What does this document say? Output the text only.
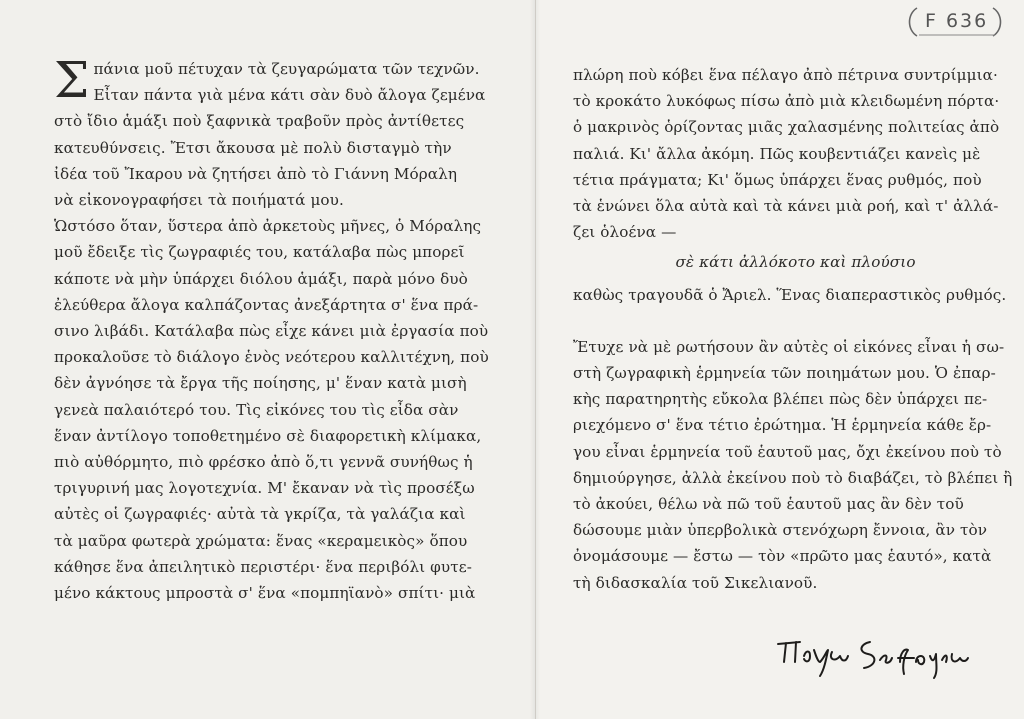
F 636
Σ πάνια μοῦ πέτυχαν τὰ ζευγαρώματα τῶν τεχνῶν.
Εἶταν πάντα γιὰ μένα κάτι σὰν δυὸ ἄλογα ζεμένα
στὸ ἴδιο ἁμάξι ποὺ ξαφνικὰ τραβοῦν πρὸς ἀντίθετες
κατευθύνσεις. Ἔτσι ἄκουσα μὲ πολὺ δισταγμὸ τὴν
ἰδέα τοῦ Ἴκαρου νὰ ζητήσει ἀπὸ τὸ Γιάννη Μόραλη
νὰ εἰκονογραφήσει τὰ ποιήματά μου.
Ὡστόσο ὅταν, ὕστερα ἀπὸ ἀρκετοὺς μῆνες, ὁ Μόραλης
μοῦ ἔδειξε τὶς ζωγραφιές του, κατάλαβα πὼς μπορεῖ
κάποτε νὰ μὴν ὑπάρχει διόλου ἁμάξι, παρὰ μόνο δυὸ
ἐλεύθερα ἄλογα καλπάζοντας ἀνεξάρτητα σ' ἕνα πρά-
σινο λιβάδι. Κατάλαβα πὼς εἶχε κάνει μιὰ ἐργασία ποὺ
προκαλοῦσε τὸ διάλογο ἑνὸς νεότερου καλλιτέχνη, ποὺ
δὲν ἀγνόησε τὰ ἔργα τῆς ποίησης, μ' ἕναν κατὰ μισὴ
γενεὰ παλαιότερό του. Τὶς εἰκόνες του τὶς εἶδα σὰν
ἕναν ἀντίλογο τοποθετημένο σὲ διαφορετικὴ κλίμακα,
πιὸ αὐθόρμητο, πιὸ φρέσκο ἀπὸ ὅ,τι γεννᾶ συνήθως ἡ
τριγυρινή μας λογοτεχνία. Μ' ἔκαναν νὰ τὶς προσέξω
αὐτὲς οἱ ζωγραφιές· αὐτὰ τὰ γκρίζα, τὰ γαλάζια καὶ
τὰ μαῦρα φωτερὰ χρώματα: ἕνας «κεραμεικὸς» ὅπου
κάθησε ἕνα ἀπειλητικὸ περιστέρι· ἕνα περιβόλι φυτε-
μένο κάκτους μπροστὰ σ' ἕνα «πομπηϊανὸ» σπίτι· μιὰ
πλώρη ποὺ κόβει ἕνα πέλαγο ἀπὸ πέτρινα συντρίμμια·
τὸ κροκάτο λυκόφως πίσω ἀπὸ μιὰ κλειδωμένη πόρτα·
ὁ μακρινὸς ὁρίζοντας μιᾶς χαλασμένης πολιτείας ἀπὸ
παλιά. Κι' ἄλλα ἀκόμη. Πῶς κουβεντιάζει κανεὶς μὲ
τέτια πράγματα; Κι' ὅμως ὑπάρχει ἕνας ρυθμός, ποὺ
τὰ ἑνώνει ὅλα αὐτὰ καὶ τὰ κάνει μιὰ ροή, καὶ τ' ἀλλά-
ζει ὁλοένα —
σὲ κάτι ἀλλόκοτο καὶ πλούσιο
καθὼς τραγουδᾶ ὁ Ἄριελ. Ἕνας διαπεραστικὸς ρυθμός.
Ἔτυχε νὰ μὲ ρωτήσουν ἂν αὐτὲς οἱ εἰκόνες εἶναι ἡ σω-
στὴ ζωγραφικὴ ἑρμηνεία τῶν ποιημάτων μου. Ὁ ἐπαρ-
κὴς παρατηρητὴς εὔκολα βλέπει πὼς δὲν ὑπάρχει πε-
ριεχόμενο σ' ἕνα τέτιο ἐρώτημα. Ἡ ἑρμηνεία κάθε ἔρ-
γου εἶναι ἑρμηνεία τοῦ ἑαυτοῦ μας, ὄχι ἐκείνου ποὺ τὸ
δημιούργησε, ἀλλὰ ἐκείνου ποὺ τὸ διαβάζει, τὸ βλέπει ἢ
τὸ ἀκούει, θέλω νὰ πῶ τοῦ ἑαυτοῦ μας ἂν δὲν τοῦ
δώσουμε μιὰν ὑπερβολικὰ στενόχωρη ἔννοια, ἂν τὸν
ὀνομάσουμε — ἔστω — τὸν «πρῶτο μας ἑαυτό», κατὰ
τὴ διδασκαλία τοῦ Σικελιανοῦ.
